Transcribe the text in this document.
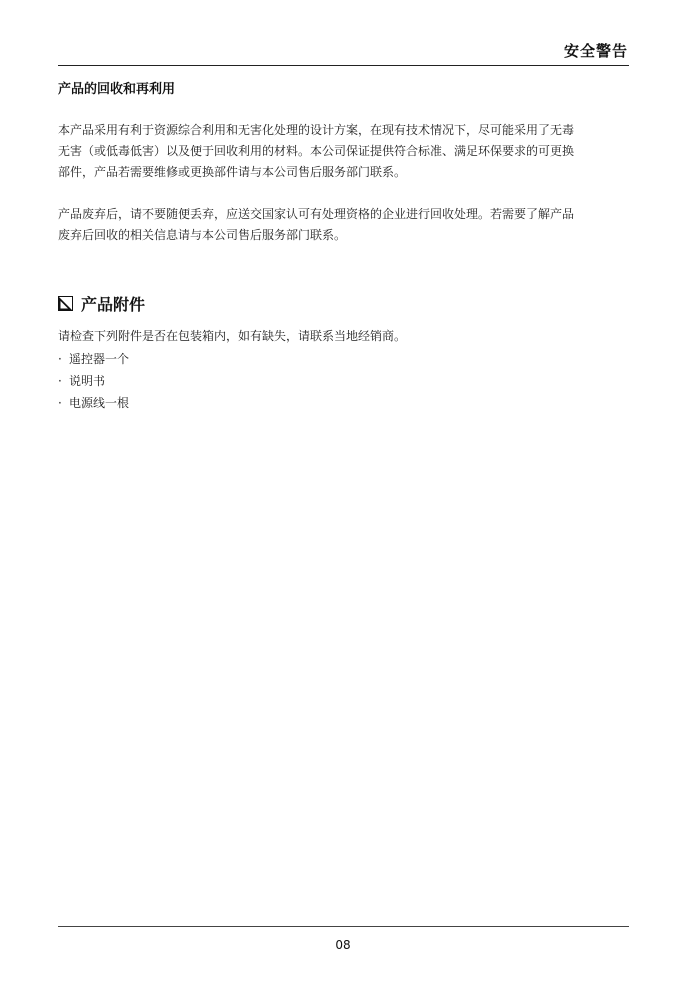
安全警告
产品的回收和再利用

本产品采用有利于资源综合利用和无害化处理的设计方案，在现有技术情况下，尽可能采用了无毒
无害（或低毒低害）以及便于回收利用的材料。本公司保证提供符合标准、满足环保要求的可更换
部件，产品若需要维修或更换部件请与本公司售后服务部门联系。

产品废弃后，请不要随便丢弃，应送交国家认可有处理资格的企业进行回收处理。若需要了解产品
废弃后回收的相关信息请与本公司售后服务部门联系。

产品附件

请检查下列附件是否在包装箱内，如有缺失，请联系当地经销商。

· 遥控器一个
· 说明书
· 电源线一根
08
